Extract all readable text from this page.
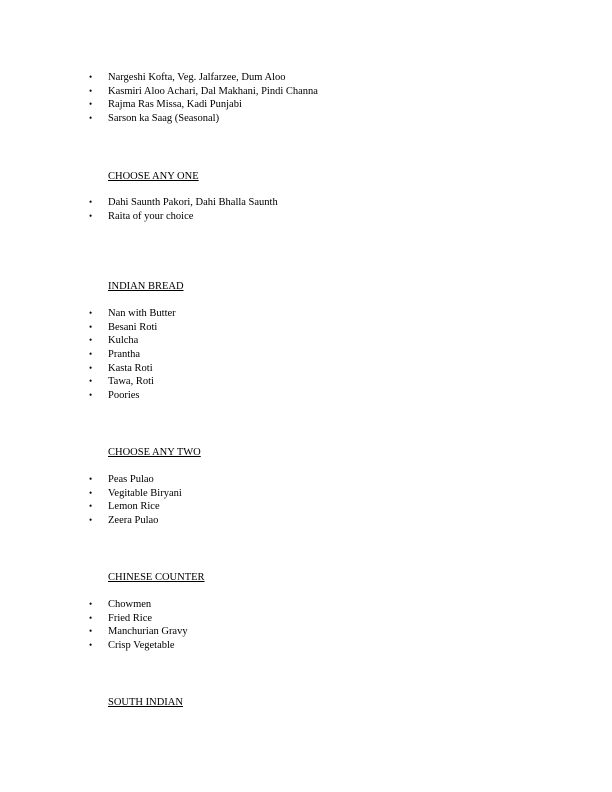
• Nargeshi Kofta, Veg. Jalfarzee, Dum Aloo
• Kasmiri Aloo Achari, Dal Makhani, Pindi Channa
• Rajma Ras Missa, Kadi Punjabi
• Sarson ka Saag (Seasonal)
CHOOSE ANY ONE
• Dahi Saunth Pakori, Dahi Bhalla Saunth
• Raita of your choice
INDIAN BREAD
• Nan with Butter
• Besani Roti
• Kulcha
• Prantha
• Kasta Roti
• Tawa, Roti
• Poories
CHOOSE ANY TWO
• Peas Pulao
• Vegitable Biryani
• Lemon Rice
• Zeera Pulao
CHINESE COUNTER
• Chowmen
• Fried Rice
• Manchurian Gravy
• Crisp Vegetable
SOUTH INDIAN
